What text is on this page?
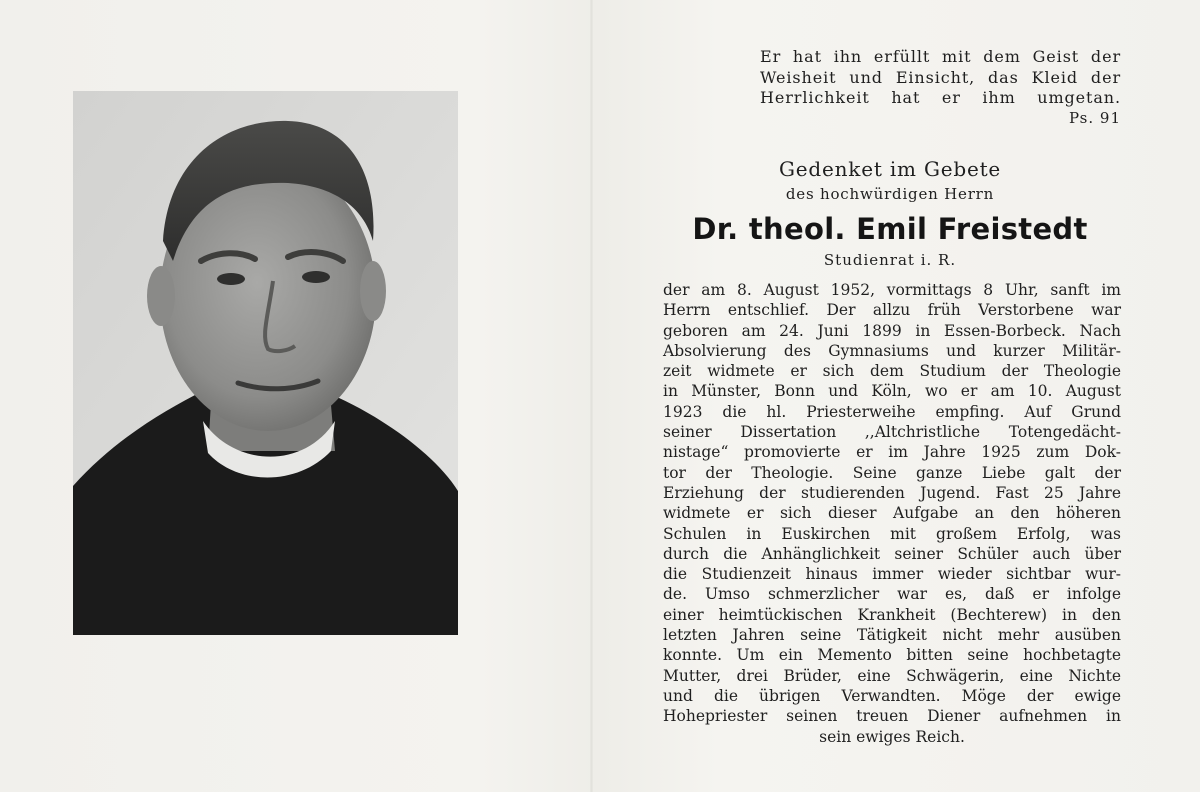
Er hat ihn erfüllt mit dem Geist der
Weisheit und Einsicht, das Kleid der
Herrlichkeit hat er ihm umgetan.
Ps. 91
Gedenket im Gebete
des hochwürdigen Herrn
Dr. theol. Emil Freistedt
Studienrat i. R.
der am 8. August 1952, vormittags 8 Uhr, sanft im
Herrn entschlief. Der allzu früh Verstorbene war
geboren am 24. Juni 1899 in Essen-Borbeck. Nach
Absolvierung des Gymnasiums und kurzer Militär-
zeit widmete er sich dem Studium der Theologie
in Münster, Bonn und Köln, wo er am 10. August
1923 die hl. Priesterweihe empfing. Auf Grund
seiner Dissertation ,,Altchristliche Totengedächt-
nistage“ promovierte er im Jahre 1925 zum Dok-
tor der Theologie. Seine ganze Liebe galt der
Erziehung der studierenden Jugend. Fast 25 Jahre
widmete er sich dieser Aufgabe an den höheren
Schulen in Euskirchen mit großem Erfolg, was
durch die Anhänglichkeit seiner Schüler auch über
die Studienzeit hinaus immer wieder sichtbar wur-
de. Umso schmerzlicher war es, daß er infolge
einer heimtückischen Krankheit (Bechterew) in den
letzten Jahren seine Tätigkeit nicht mehr ausüben
konnte. Um ein Memento bitten seine hochbetagte
Mutter, drei Brüder, eine Schwägerin, eine Nichte
und die übrigen Verwandten. Möge der ewige
Hohepriester seinen treuen Diener aufnehmen in
sein ewiges Reich.
